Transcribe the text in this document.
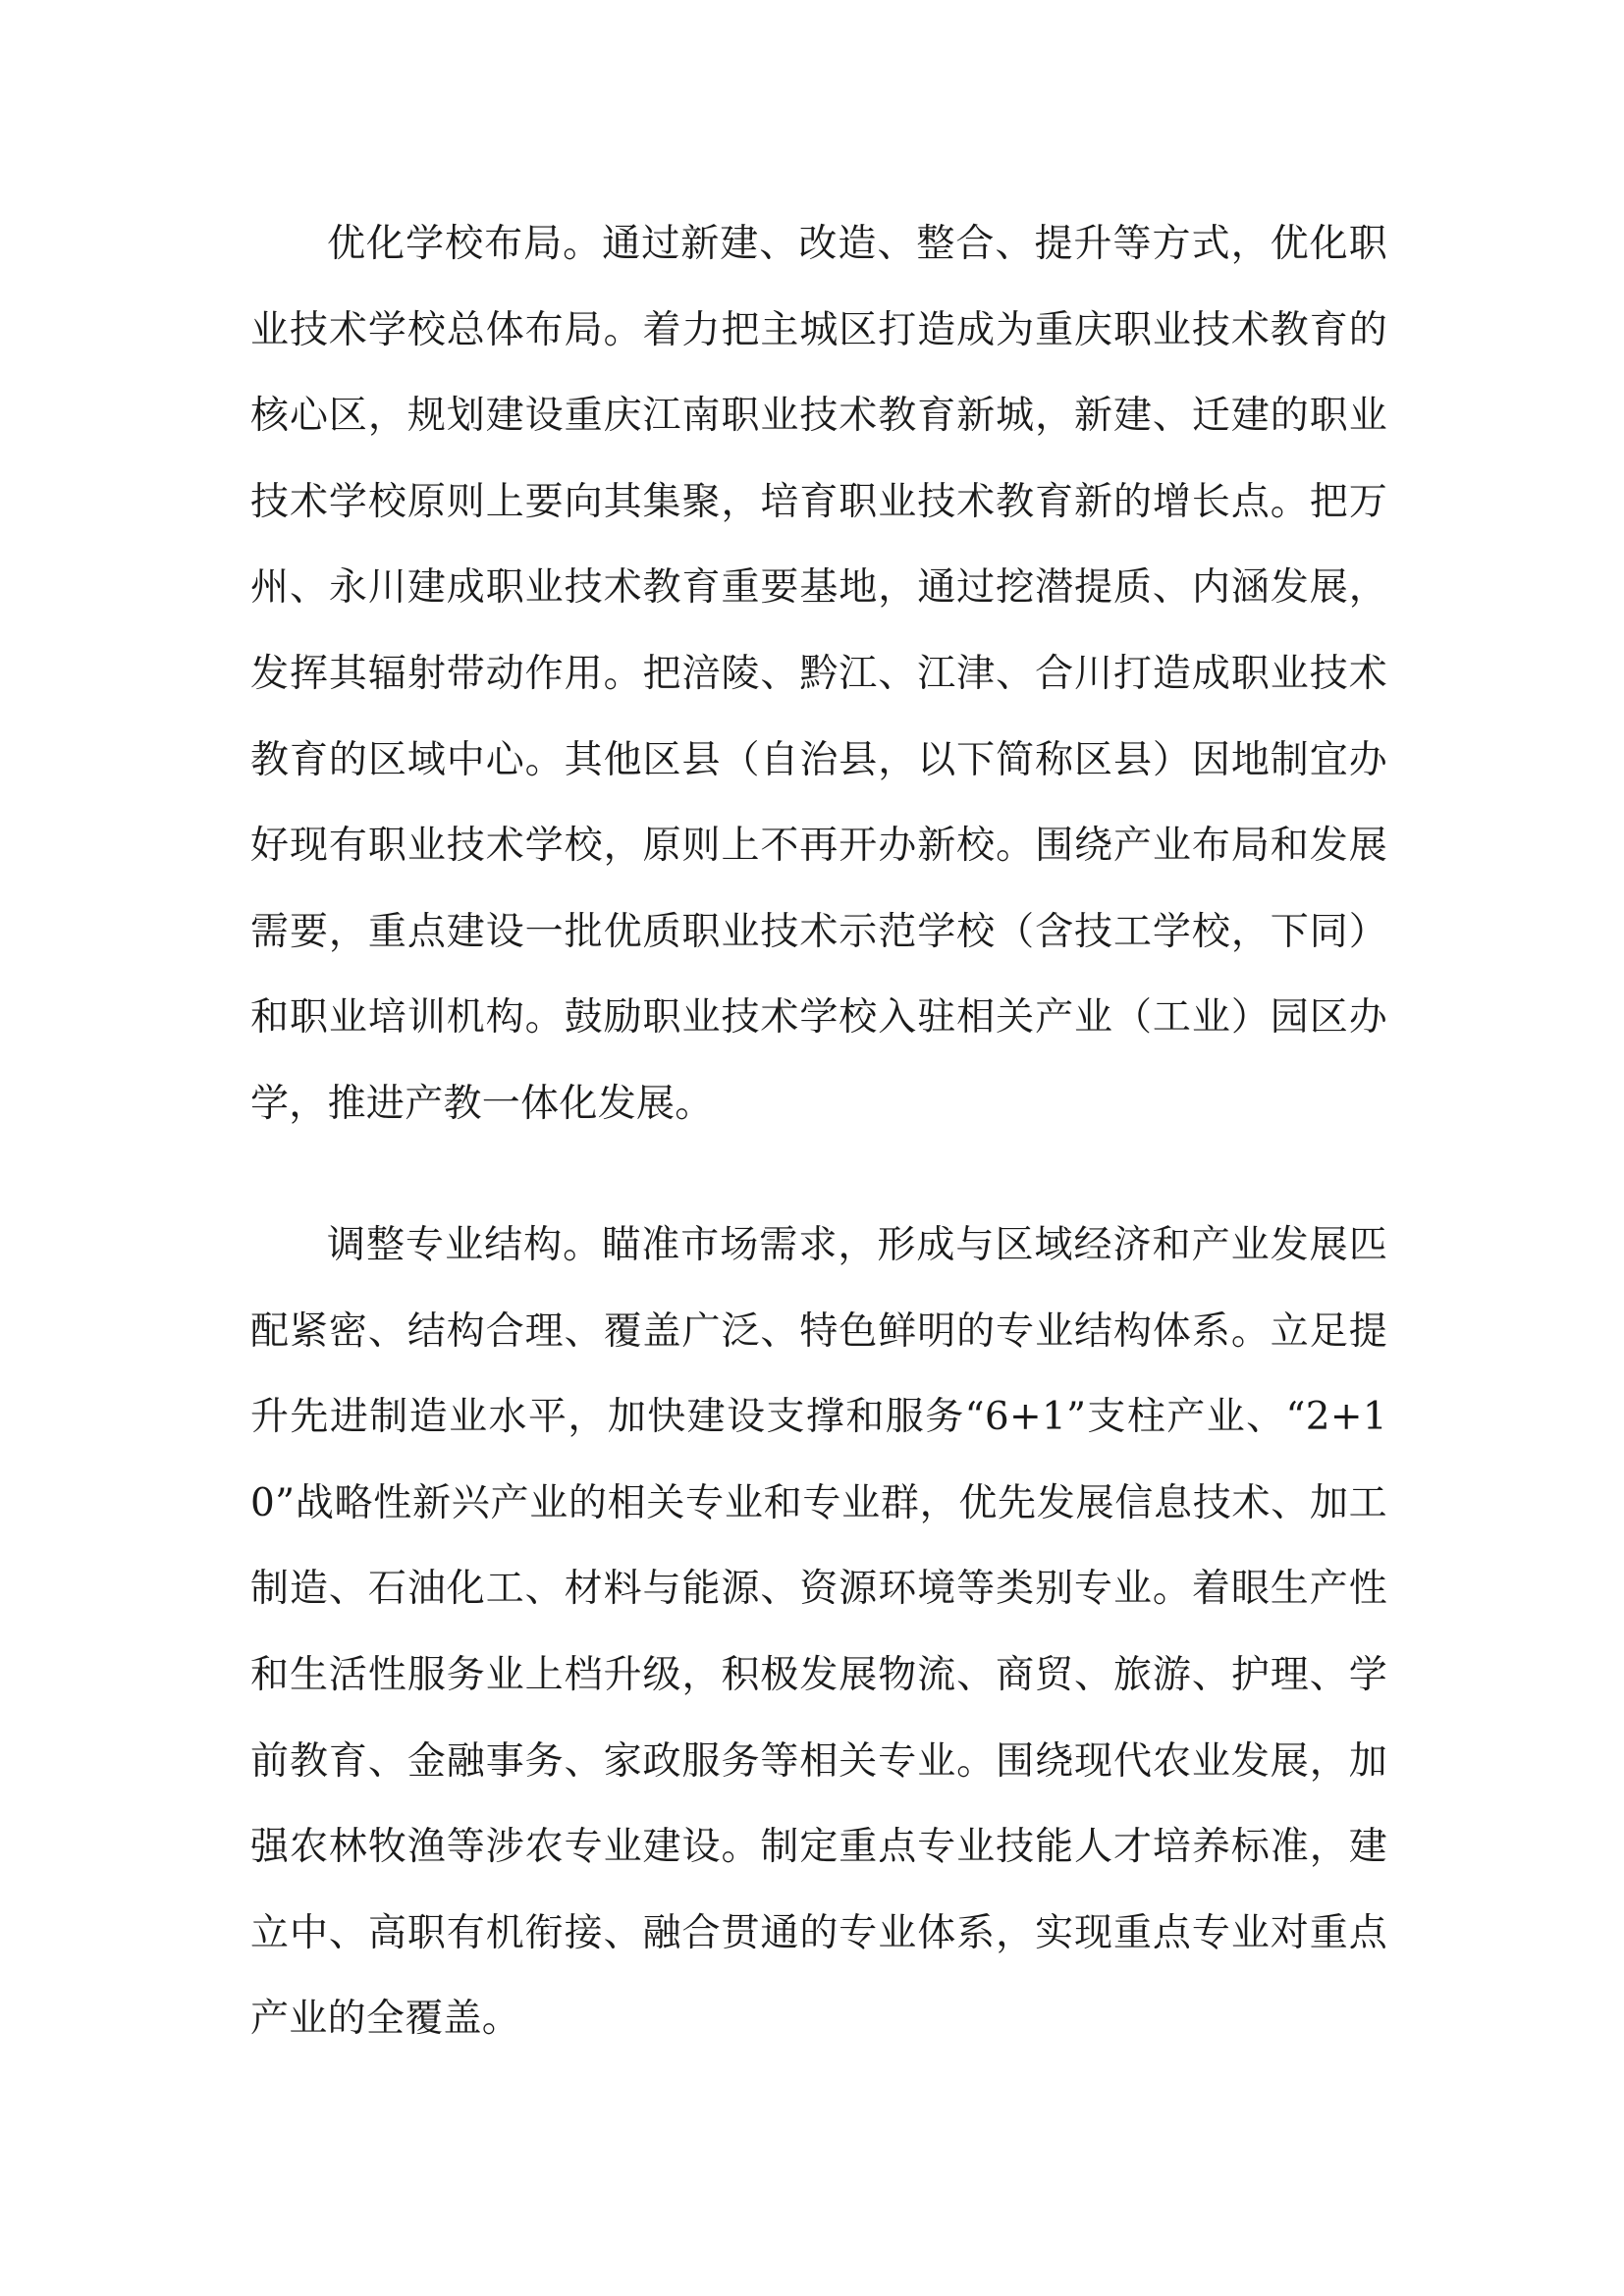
优化学校布局。通过新建、改造、整合、提升等方式，优化职业技术学校总体布局。着力把主城区打造成为重庆职业技术教育的核心区，规划建设重庆江南职业技术教育新城，新建、迁建的职业技术学校原则上要向其集聚，培育职业技术教育新的增长点。把万州、永川建成职业技术教育重要基地，通过挖潜提质、内涵发展，发挥其辐射带动作用。把涪陵、黔江、江津、合川打造成职业技术教育的区域中心。其他区县（自治县，以下简称区县）因地制宜办好现有职业技术学校，原则上不再开办新校。围绕产业布局和发展需要，重点建设一批优质职业技术示范学校（含技工学校，下同）和职业培训机构。鼓励职业技术学校入驻相关产业（工业）园区办学，推进产教一体化发展。

调整专业结构。瞄准市场需求，形成与区域经济和产业发展匹配紧密、结构合理、覆盖广泛、特色鲜明的专业结构体系。立足提升先进制造业水平，加快建设支撑和服务“6+1”支柱产业、“2+10”战略性新兴产业的相关专业和专业群，优先发展信息技术、加工制造、石油化工、材料与能源、资源环境等类别专业。着眼生产性和生活性服务业上档升级，积极发展物流、商贸、旅游、护理、学前教育、金融事务、家政服务等相关专业。围绕现代农业发展，加强农林牧渔等涉农专业建设。制定重点专业技能人才培养标准，建立中、高职有机衔接、融合贯通的专业体系，实现重点专业对重点产业的全覆盖。
